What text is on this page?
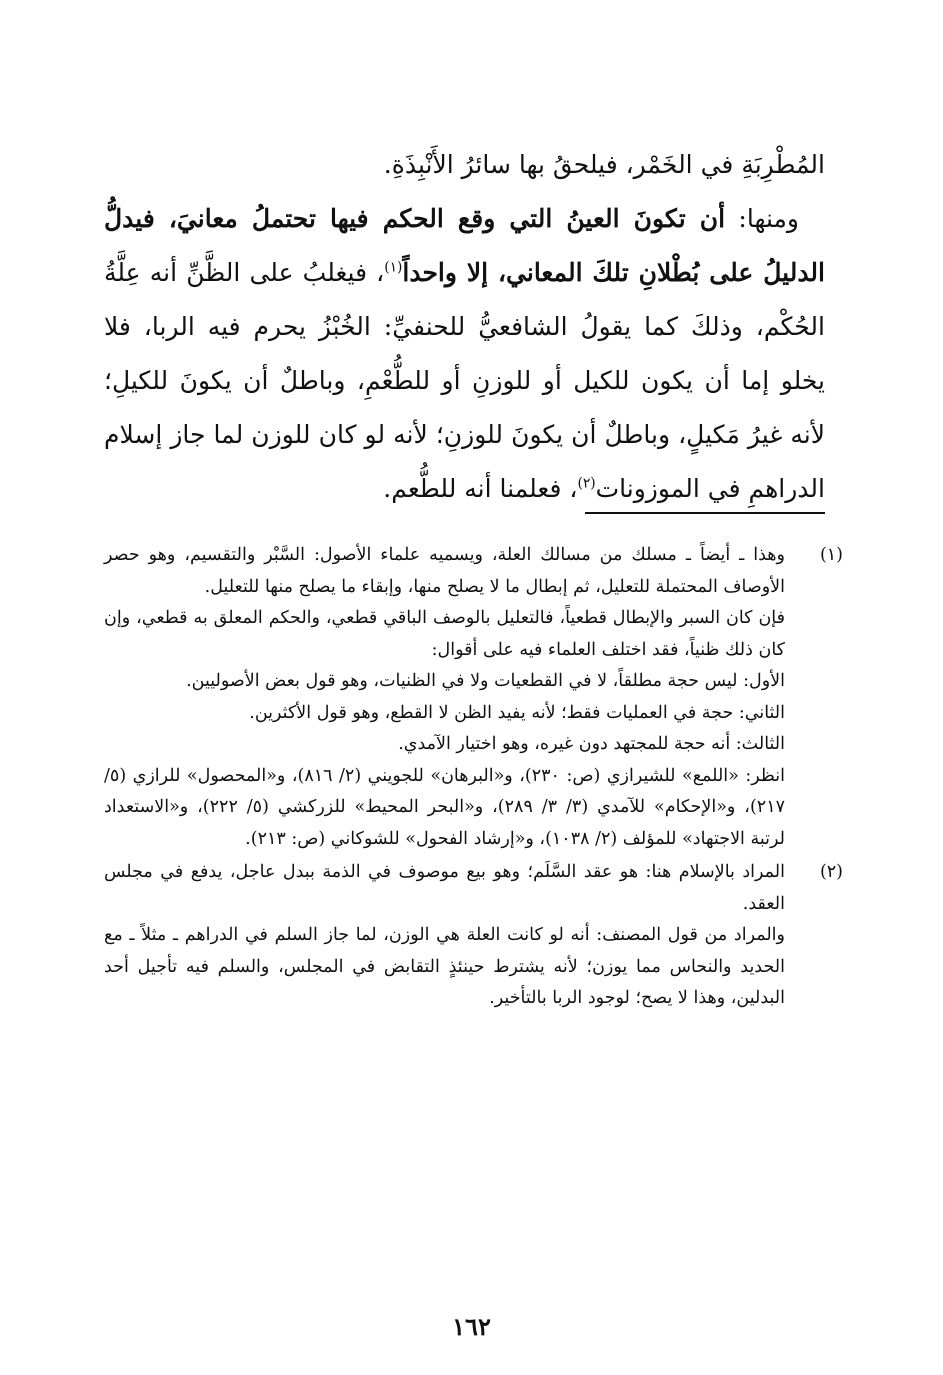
المُطْرِبَةِ في الخَمْر، فيلحقُ بها سائرُ الأَنْبِذَةِ.

ومنها: أن تكونَ العينُ التي وقع الحكم فيها تحتملُ معانيَ، فيدلُّ الدليلُ على بُطْلانِ تلكَ المعاني، إلا واحداً$^{(١)}$، فيغلبُ على الظَّنِّ أنه عِلَّةُ الحُكْم، وذلكَ كما يقولُ الشافعيُّ للحنفيِّ: الخُبْزُ يحرم فيه الربا، فلا يخلو إما أن يكون للكيل أو للوزنِ أو للطُّعْمِ، وباطلٌ أن يكونَ للكيلِ؛ لأنه غيرُ مَكيلٍ، وباطلٌ أن يكونَ للوزنِ؛ لأنه لو كان للوزن لما جاز إسلام الدراهمِ في الموزونات$^{(٢)}$، فعلمنا أنه للطُّعم.

(١)

وهذا ـ أيضاً ـ مسلك من مسالك العلة، ويسميه علماء الأصول: السَّبْر والتقسيم، وهو حصر الأوصاف المحتملة للتعليل، ثم إبطال ما لا يصلح منها، وإبقاء ما يصلح منها للتعليل.

فإن كان السبر والإبطال قطعياً، فالتعليل بالوصف الباقي قطعي، والحكم المعلق به قطعي، وإن كان ذلك ظنياً، فقد اختلف العلماء فيه على أقوال:

الأول: ليس حجة مطلقاً، لا في القطعيات ولا في الظنيات، وهو قول بعض الأصوليين.

الثاني: حجة في العمليات فقط؛ لأنه يفيد الظن لا القطع، وهو قول الأكثرين.

الثالث: أنه حجة للمجتهد دون غيره، وهو اختيار الآمدي.

انظر: «اللمع» للشيرازي (ص: ٢٣٠)، و«البرهان» للجويني (٢/ ٨١٦)، و«المحصول» للرازي (٥/ ٢١٧)، و«الإحكام» للآمدي (٣/ ٣/ ٢٨٩)، و«البحر المحيط» للزركشي (٥/ ٢٢٢)، و«الاستعداد لرتبة الاجتهاد» للمؤلف (٢/ ١٠٣٨)، و«إرشاد الفحول» للشوكاني (ص: ٢١٣).

(٢)

المراد بالإسلام هنا: هو عقد السَّلَم؛ وهو بيع موصوف في الذمة ببدل عاجل، يدفع في مجلس العقد.

والمراد من قول المصنف: أنه لو كانت العلة هي الوزن، لما جاز السلم في الدراهم ـ مثلاً ـ مع الحديد والنحاس مما يوزن؛ لأنه يشترط حينئذٍ التقابض في المجلس، والسلم فيه تأجيل أحد البدلين، وهذا لا يصح؛ لوجود الربا بالتأخير.

١٦٢
